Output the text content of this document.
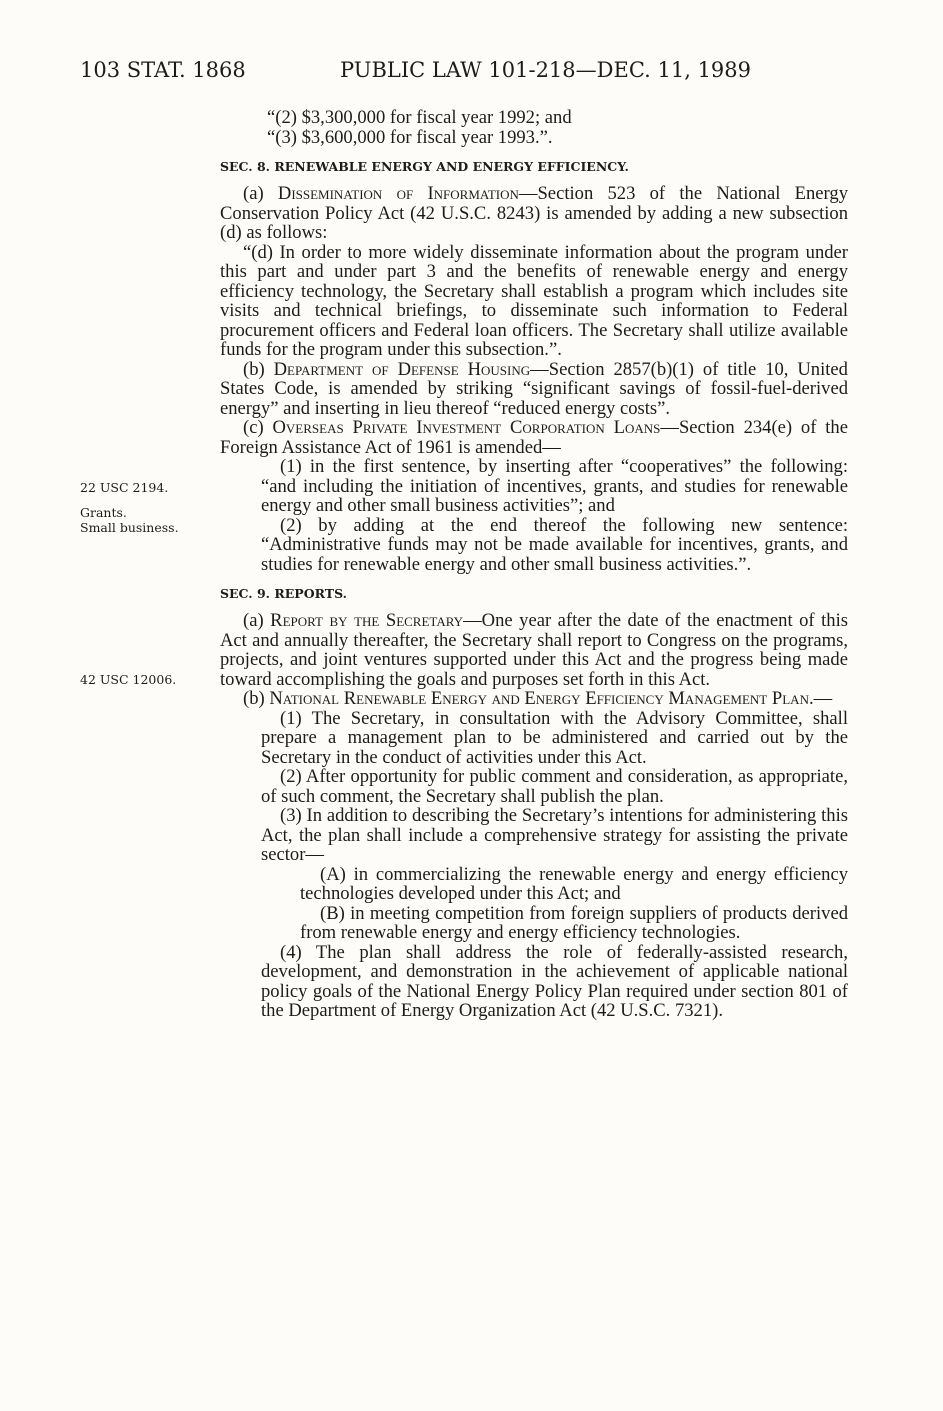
103 STAT. 1868	PUBLIC LAW 101-218—DEC. 11, 1989
22 USC 2194.
Grants.
Small business.
42 USC 12006.

“(2) $3,300,000 for fiscal year 1992; and

“(3) $3,600,000 for fiscal year 1993.”.

SEC. 8. RENEWABLE ENERGY AND ENERGY EFFICIENCY.

(a) Dissemination of Information—Section 523 of the National Energy Conservation Policy Act (42 U.S.C. 8243) is amended by adding a new subsection (d) as follows:

“(d) In order to more widely disseminate information about the program under this part and under part 3 and the benefits of renewable energy and energy efficiency technology, the Secretary shall establish a program which includes site visits and technical briefings, to disseminate such information to Federal procurement officers and Federal loan officers. The Secretary shall utilize available funds for the program under this subsection.”.

(b) Department of Defense Housing—Section 2857(b)(1) of title 10, United States Code, is amended by striking “significant savings of fossil-fuel-derived energy” and inserting in lieu thereof “reduced energy costs”.

(c) Overseas Private Investment Corporation Loans—Section 234(e) of the Foreign Assistance Act of 1961 is amended—

(1) in the first sentence, by inserting after “cooperatives” the following: “and including the initiation of incentives, grants, and studies for renewable energy and other small business activities”; and

(2) by adding at the end thereof the following new sentence: “Administrative funds may not be made available for incentives, grants, and studies for renewable energy and other small business activities.”.

SEC. 9. REPORTS.

(a) Report by the Secretary—One year after the date of the enactment of this Act and annually thereafter, the Secretary shall report to Congress on the programs, projects, and joint ventures supported under this Act and the progress being made toward accomplishing the goals and purposes set forth in this Act.

(b) National Renewable Energy and Energy Efficiency Management Plan.—

(1) The Secretary, in consultation with the Advisory Committee, shall prepare a management plan to be administered and carried out by the Secretary in the conduct of activities under this Act.

(2) After opportunity for public comment and consideration, as appropriate, of such comment, the Secretary shall publish the plan.

(3) In addition to describing the Secretary’s intentions for administering this Act, the plan shall include a comprehensive strategy for assisting the private sector—

(A) in commercializing the renewable energy and energy efficiency technologies developed under this Act; and

(B) in meeting competition from foreign suppliers of products derived from renewable energy and energy efficiency technologies.

(4) The plan shall address the role of federally-assisted research, development, and demonstration in the achievement of applicable national policy goals of the National Energy Policy Plan required under section 801 of the Department of Energy Organization Act (42 U.S.C. 7321).
